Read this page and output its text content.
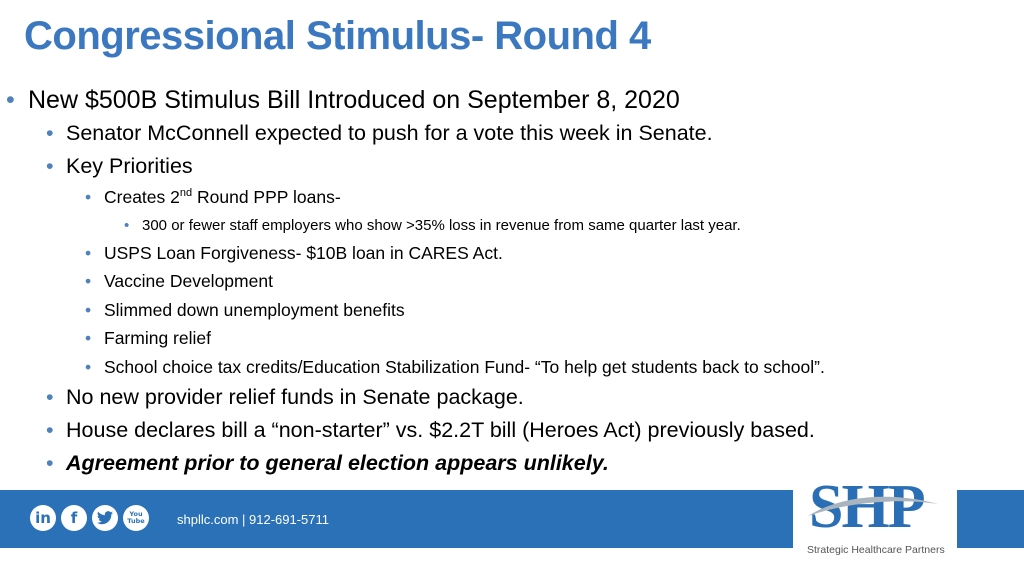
Congressional Stimulus- Round 4
• New $500B Stimulus Bill Introduced on September 8, 2020
• Senator McConnell expected to push for a vote this week in Senate.
• Key Priorities
• Creates 2nd Round PPP loans-
• 300 or fewer staff employers who show >35% loss in revenue from same quarter last year.
• USPS Loan Forgiveness- $10B loan in CARES Act.
• Vaccine Development
• Slimmed down unemployment benefits
• Farming relief
• School choice tax credits/Education Stabilization Fund- “To help get students back to school”.
• No new provider relief funds in Senate package.
• House declares bill a “non-starter” vs. $2.2T bill (Heroes Act) previously based.
• Agreement prior to general election appears unlikely.
in f	You Tube shpllc.com | 912-691-5711	SHP
Strategic Healthcare Partners
